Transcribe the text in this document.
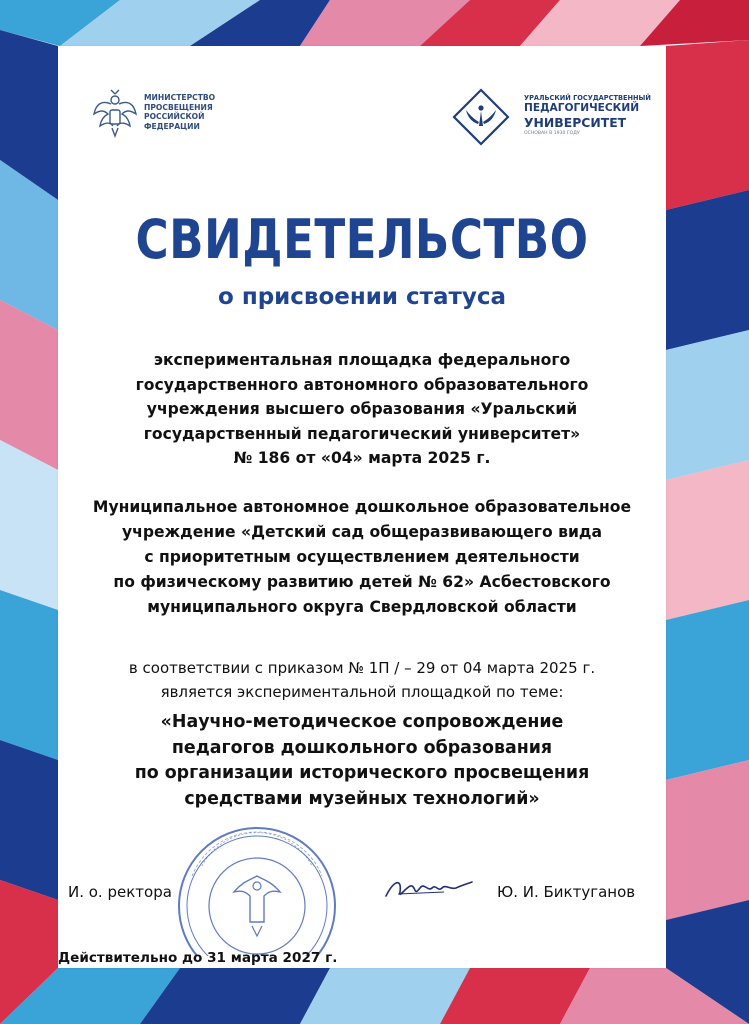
МИНИСТЕРСТВО
ПРОСВЕЩЕНИЯ
РОССИЙСКОЙ
ФЕДЕРАЦИИ
УРАЛЬСКИЙ ГОСУДАРСТВЕННЫЙ
ПЕДАГОГИЧЕСКИЙ
УНИВЕРСИТЕТ
ОСНОВАН В 1930 ГОДУ
СВИДЕТЕЛЬСТВО
о присвоении статуса
экспериментальная площадка федерального
государственного автономного образовательного
учреждения высшего образования «Уральский
государственный педагогический университет»
№ 186 от «04» марта 2025 г.
Муниципальное автономное дошкольное образовательное
учреждение «Детский сад общеразвивающего вида
с приоритетным осуществлением деятельности
по физическому развитию детей № 62» Асбестовского
муниципального округа Свердловской области
в соответствии с приказом № 1П / – 29 от 04 марта 2025 г.
является экспериментальной площадкой по теме:
«Научно-методическое сопровождение
педагогов дошкольного образования
по организации исторического просвещения
средствами музейных технологий»
И. о. ректора	Ю. И. Биктуганов
Действительно до 31 марта 2027 г.
